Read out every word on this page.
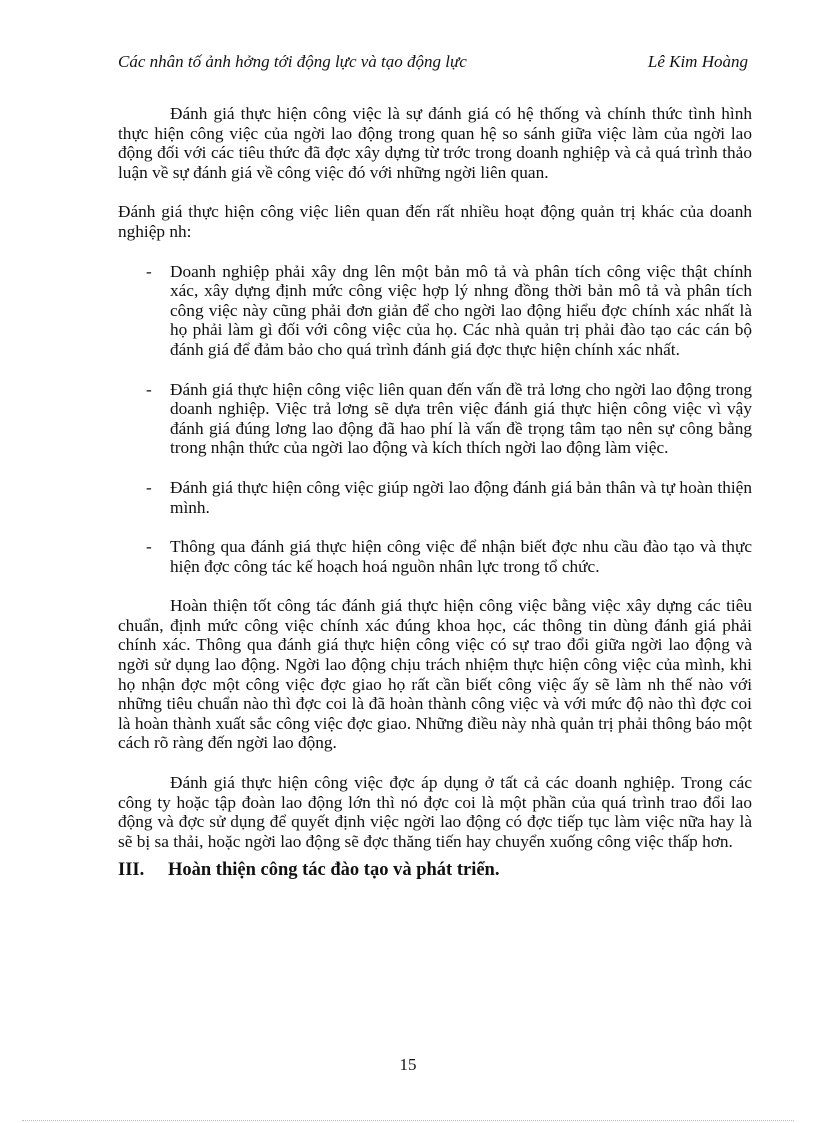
Các nhân tố ảnh hởng tới động lực và tạo động lực	Lê Kim Hoàng

Đánh giá thực hiện công việc là sự đánh giá có hệ thống và chính thức tình hình thực hiện công việc của ngời lao động trong quan hệ so sánh giữa việc làm của ngời lao động đối với các tiêu thức đã đợc xây dựng từ trớc trong doanh nghiệp và cả quá trình thảo luận về sự đánh giá về công việc đó với những ngời liên quan.

Đánh giá thực hiện công việc liên quan đến rất nhiều hoạt động quản trị khác của doanh nghiệp nh:

- Doanh nghiệp phải xây dng lên một bản mô tả và phân tích công việc thật chính xác, xây dựng định mức công việc hợp lý nhng đồng thời bản mô tả và phân tích công việc này cũng phải đơn giản để cho ngời lao động hiểu đợc chính xác nhất là họ phải làm gì đối với công việc của họ. Các nhà quản trị phải đào tạo các cán bộ đánh giá để đảm bảo cho quá trình đánh giá đợc thực hiện chính xác nhất.

- Đánh giá thực hiện công việc liên quan đến vấn đề trả lơng cho ngời lao động trong doanh nghiệp. Việc trả lơng sẽ dựa trên việc đánh giá thực hiện công việc vì vậy đánh giá đúng lơng lao động đã hao phí là vấn đề trọng tâm tạo nên sự công bằng trong nhận thức của ngời lao động và kích thích ngời lao động làm việc.

- Đánh giá thực hiện công việc giúp ngời lao động đánh giá bản thân và tự hoàn thiện mình.

- Thông qua đánh giá thực hiện công việc để nhận biết đợc nhu cầu đào tạo và thực hiện đợc công tác kế hoạch hoá nguồn nhân lực trong tổ chức.

Hoàn thiện tốt công tác đánh giá thực hiện công việc bằng việc xây dựng các tiêu chuẩn, định mức công việc chính xác đúng khoa học, các thông tin dùng đánh giá phải chính xác. Thông qua đánh giá thực hiện công việc có sự trao đổi giữa ngời lao động và ngời sử dụng lao động. Ngời lao động chịu trách nhiệm thực hiện công việc của mình, khi họ nhận đợc một công việc đợc giao họ rất cần biết công việc ấy sẽ làm nh thế nào với những tiêu chuẩn nào thì đợc coi là đã hoàn thành công việc và với mức độ nào thì đợc coi là hoàn thành xuất sắc công việc đợc giao. Những điều này nhà quản trị phải thông báo một cách rõ ràng đến ngời lao động.

Đánh giá thực hiện công việc đợc áp dụng ở tất cả các doanh nghiệp. Trong các công ty hoặc tập đoàn lao động lớn thì nó đợc coi là một phần của quá trình trao đổi lao động và đợc sử dụng để quyết định việc ngời lao động có đợc tiếp tục làm việc nữa hay là sẽ bị sa thải, hoặc ngời lao động sẽ đợc thăng tiến hay chuyển xuống công việc thấp hơn.

III. Hoàn thiện công tác đào tạo và phát triển.
15
